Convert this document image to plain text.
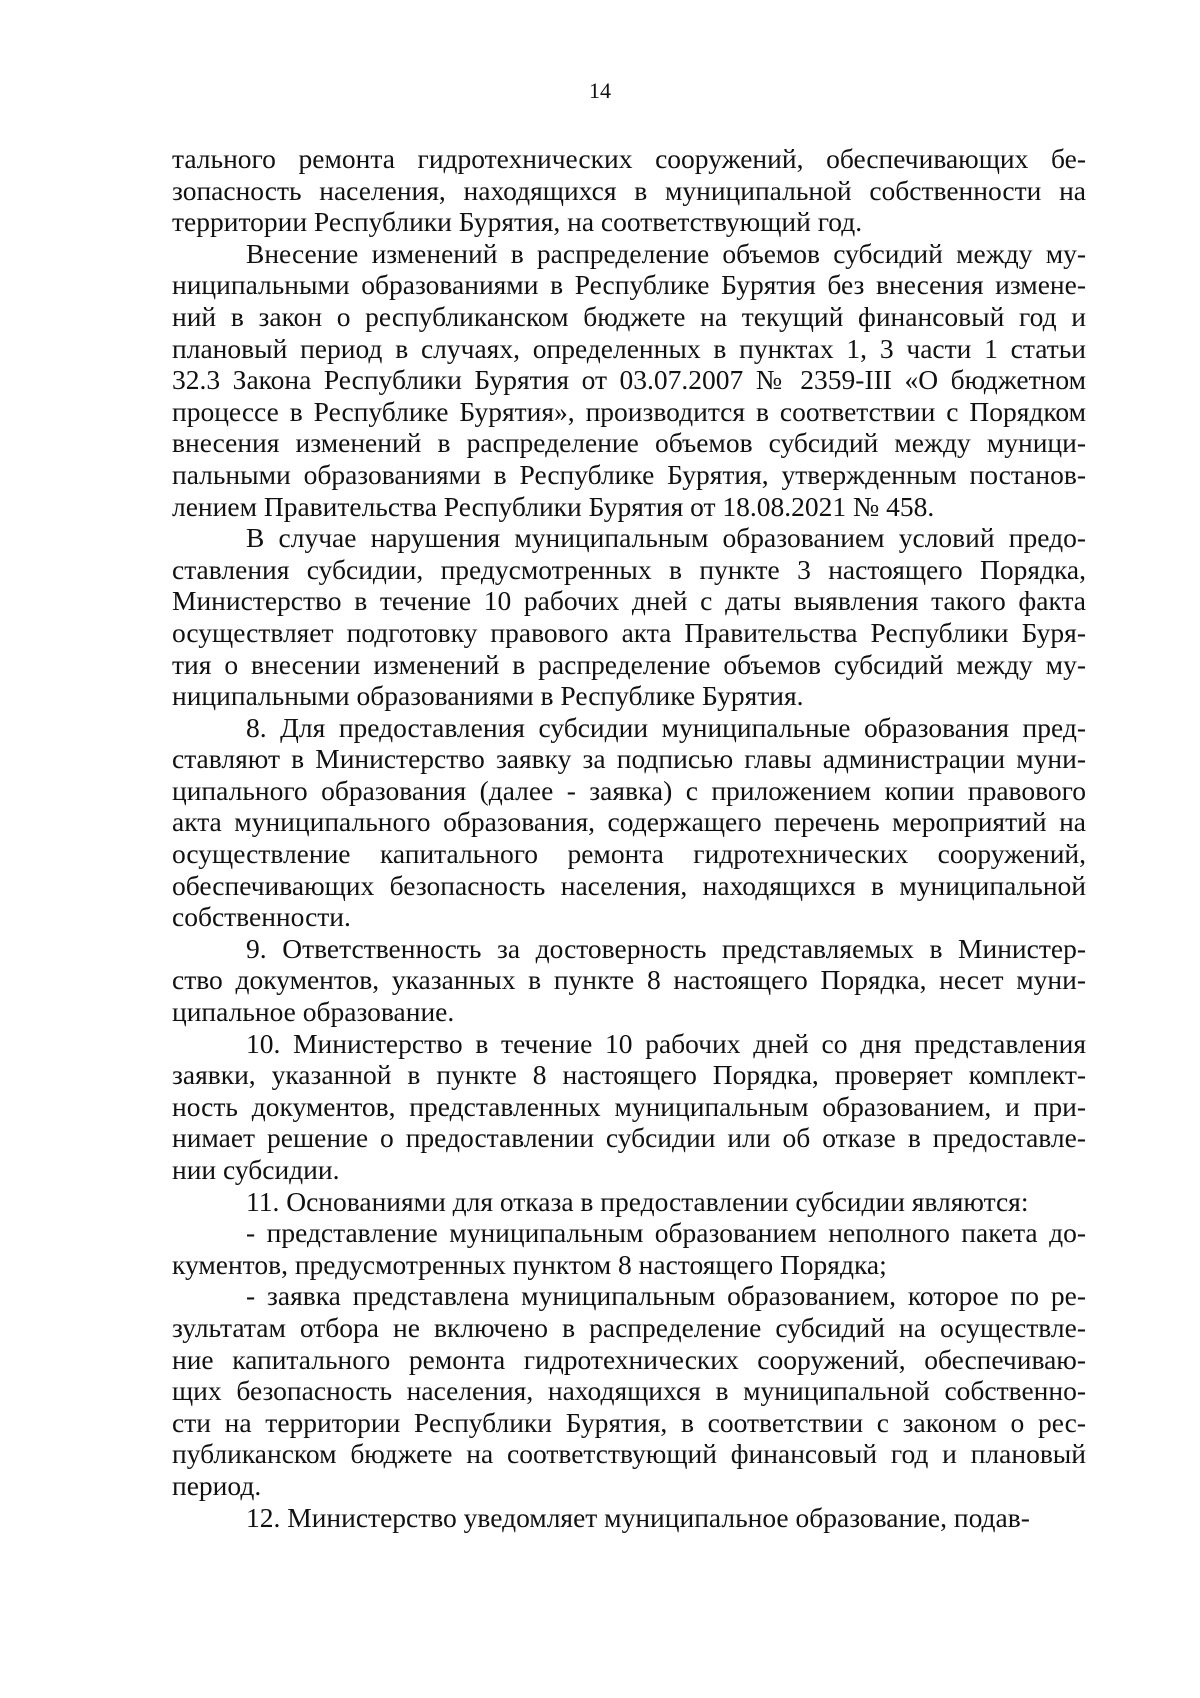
14
тального ремонта гидротехнических сооружений, обеспечивающих бе-
зопасность населения, находящихся в муниципальной собственности на
территории Республики Бурятия, на соответствующий год.
Внесение изменений в распределение объемов субсидий между му-
ниципальными образованиями в Республике Бурятия без внесения измене-
ний в закон о республиканском бюджете на текущий финансовый год и
плановый период в случаях, определенных в пунктах 1, 3 части 1 статьи
32.3 Закона Республики Бурятия от 03.07.2007 № 2359-III «О бюджетном
процессе в Республике Бурятия», производится в соответствии с Порядком
внесения изменений в распределение объемов субсидий между муници-
пальными образованиями в Республике Бурятия, утвержденным постанов-
лением Правительства Республики Бурятия от 18.08.2021 № 458.
В случае нарушения муниципальным образованием условий предо-
ставления субсидии, предусмотренных в пункте 3 настоящего Порядка,
Министерство в течение 10 рабочих дней с даты выявления такого факта
осуществляет подготовку правового акта Правительства Республики Буря-
тия о внесении изменений в распределение объемов субсидий между му-
ниципальными образованиями в Республике Бурятия.
8. Для предоставления субсидии муниципальные образования пред-
ставляют в Министерство заявку за подписью главы администрации муни-
ципального образования (далее - заявка) с приложением копии правового
акта муниципального образования, содержащего перечень мероприятий на
осуществление капитального ремонта гидротехнических сооружений,
обеспечивающих безопасность населения, находящихся в муниципальной
собственности.
9. Ответственность за достоверность представляемых в Министер-
ство документов, указанных в пункте 8 настоящего Порядка, несет муни-
ципальное образование.
10. Министерство в течение 10 рабочих дней со дня представления
заявки, указанной в пункте 8 настоящего Порядка, проверяет комплект-
ность документов, представленных муниципальным образованием, и при-
нимает решение о предоставлении субсидии или об отказе в предоставле-
нии субсидии.
11. Основаниями для отказа в предоставлении субсидии являются:
- представление муниципальным образованием неполного пакета до-
кументов, предусмотренных пунктом 8 настоящего Порядка;
- заявка представлена муниципальным образованием, которое по ре-
зультатам отбора не включено в распределение субсидий на осуществле-
ние капитального ремонта гидротехнических сооружений, обеспечиваю-
щих безопасность населения, находящихся в муниципальной собственно-
сти на территории Республики Бурятия, в соответствии с законом о рес-
публиканском бюджете на соответствующий финансовый год и плановый
период.
12. Министерство уведомляет муниципальное образование, подав-
